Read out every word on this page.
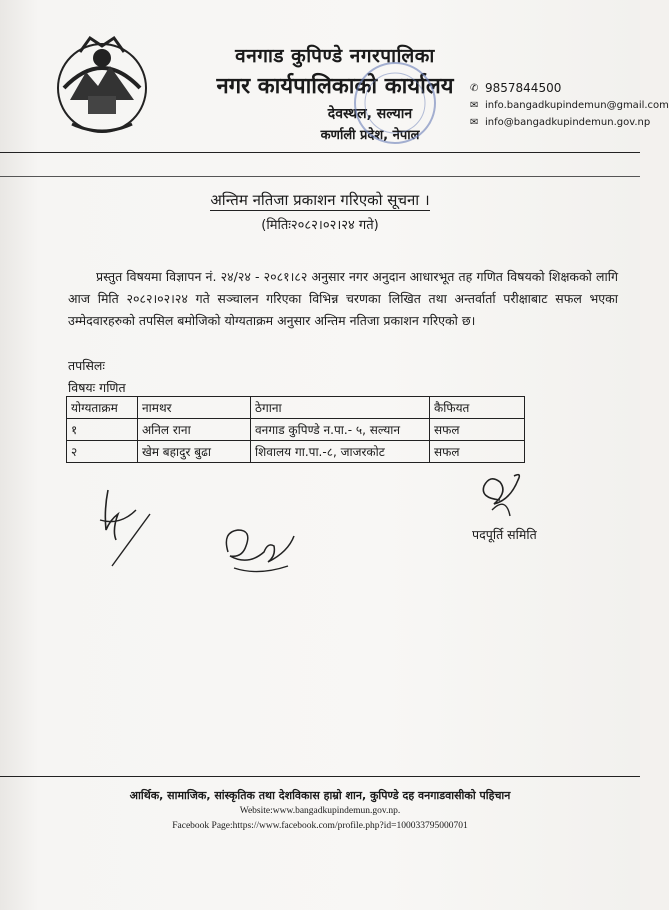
वनगाड कुपिण्डे नगरपालिका
नगर कार्यपालिकाको कार्यालय
देवस्थल, सल्यान
कर्णाली प्रदेश, नेपाल
✆ 9857844500
✉ info.bangadkupindemun@gmail.com
✉ info@bangadkupindemun.gov.np
अन्तिम नतिजा प्रकाशन गरिएको सूचना ।
(मितिः२०८२।०२।२४ गते)
प्रस्तुत विषयमा विज्ञापन नं. २४/२४ - २०८१।८२ अनुसार नगर अनुदान आधारभूत तह गणित विषयको शिक्षकको लागि आज मिति २०८२।०२।२४ गते सञ्चालन गरिएका विभिन्न चरणका लिखित तथा अन्तर्वार्ता परीक्षाबाट सफल भएका उम्मेदवारहरुको तपसिल बमोजिको योग्यताक्रम अनुसार अन्तिम नतिजा प्रकाशन गरिएको छ।
तपसिलः
विषयः गणित
योग्यताक्रम	नामथर	ठेगाना	कैफियत
१	अनिल राना	वनगाड कुपिण्डे न.पा.- ५, सल्यान	सफल
२	खेम बहादुर बुढा	शिवालय गा.पा.-८, जाजरकोट	सफल
पदपूर्ति समिति
आर्थिक, सामाजिक, सांस्कृतिक तथा देशविकास हाम्रो शान, कुपिण्डे दह वनगाडवासीको पहिचान
Website:www.bangadkupindemun.gov.np.
Facebook Page:https://www.facebook.com/profile.php?id=100033795000701
